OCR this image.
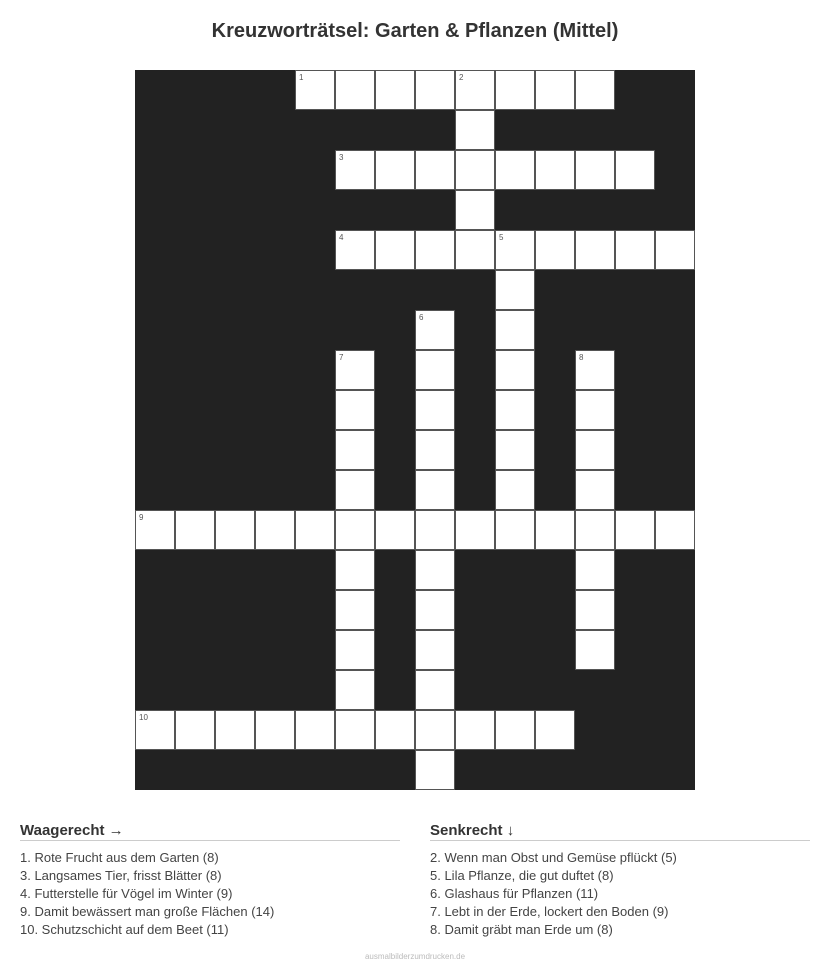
Kreuzworträtsel: Garten & Pflanzen (Mittel)
1	2
3
4	5
6
7	8
9
10
Waagerecht →
1. Rote Frucht aus dem Garten (8)
3. Langsames Tier, frisst Blätter (8)
4. Futterstelle für Vögel im Winter (9)
9. Damit bewässert man große Flächen (14)
10. Schutzschicht auf dem Beet (11)
Senkrecht ↓
2. Wenn man Obst und Gemüse pflückt (5)
5. Lila Pflanze, die gut duftet (8)
6. Glashaus für Pflanzen (11)
7. Lebt in der Erde, lockert den Boden (9)
8. Damit gräbt man Erde um (8)
ausmalbilderzumdrucken.de
